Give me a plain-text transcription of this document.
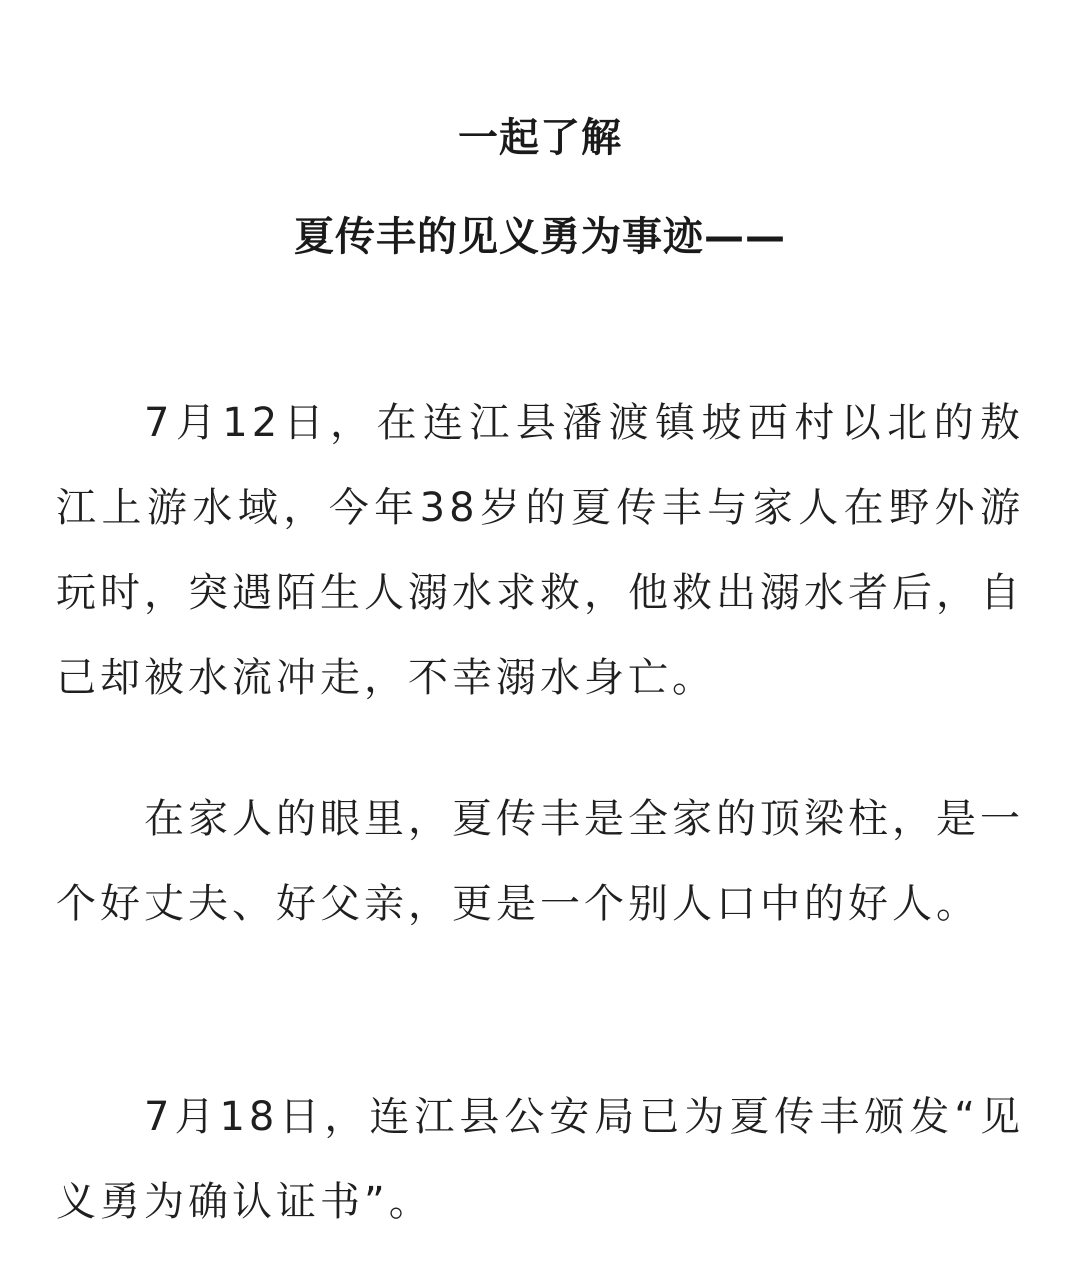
一起了解
夏传丰的见义勇为事迹——

7月12日，在连江县潘渡镇坡西村以北的敖江上游水域，今年38岁的夏传丰与家人在野外游玩时，突遇陌生人溺水求救，他救出溺水者后，自己却被水流冲走，不幸溺水身亡。

在家人的眼里，夏传丰是全家的顶梁柱，是一个好丈夫、好父亲，更是一个别人口中的好人。

7月18日，连江县公安局已为夏传丰颁发“见义勇为确认证书”。
